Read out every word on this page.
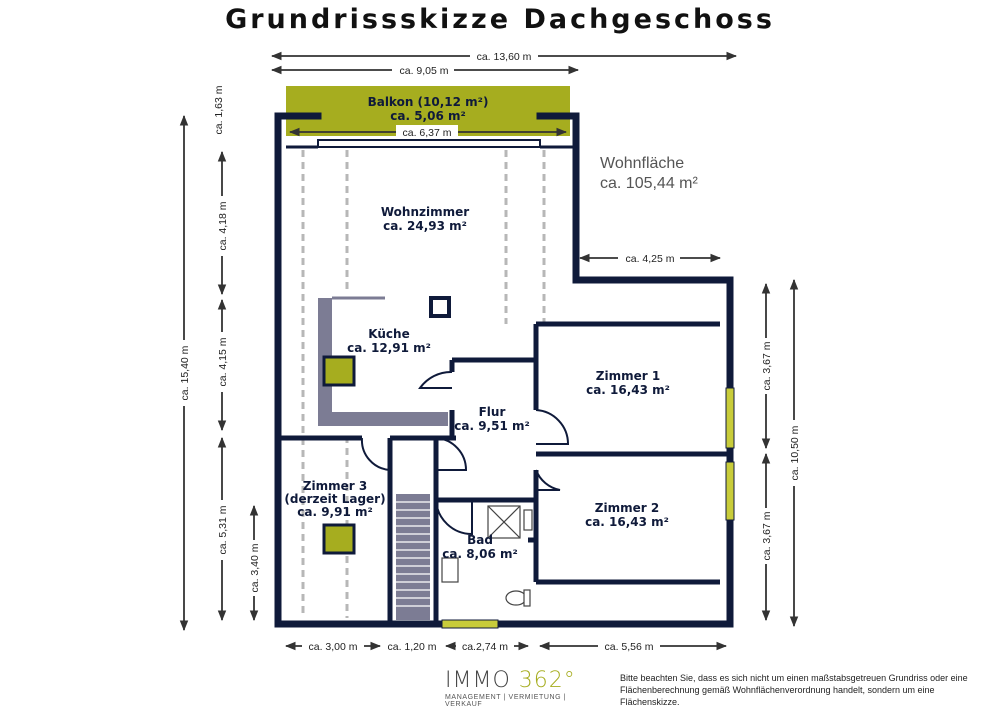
Grundrissskizze Dachgeschoss
Balkon (10,12 m²)
ca. 5,06 m²
Wohnzimmer
ca. 24,93 m²
Küche
ca. 12,91 m²
Flur
ca. 9,51 m²
Zimmer 1
ca. 16,43 m²
Zimmer 2
ca. 16,43 m²
Zimmer 3
(derzeit Lager)
ca. 9,91 m²
Bad
ca. 8,06 m²
ca. 13,60 m
ca. 9,05 m
ca. 6,37 m
ca. 4,25 m
ca. 1,63 m
ca. 15,40 m
ca. 4,18 m
ca. 4,15 m
ca. 5,31 m
ca. 3,40 m
ca. 3,67 m
ca. 3,67 m
ca. 10,50 m
ca. 3,00 m	ca. 1,20 m ca.2,74 m	ca. 5,56 m
Wohnfläche
ca. 105,44 m²
IMMO 362°
MANAGEMENT | VERMIETUNG | VERKAUF
Bitte beachten Sie, dass es sich nicht um einen maßstabsgetreuen Grundriss oder eine Flächenberechnung gemäß Wohnflächenverordnung handelt, sondern um eine Flächenskizze.
